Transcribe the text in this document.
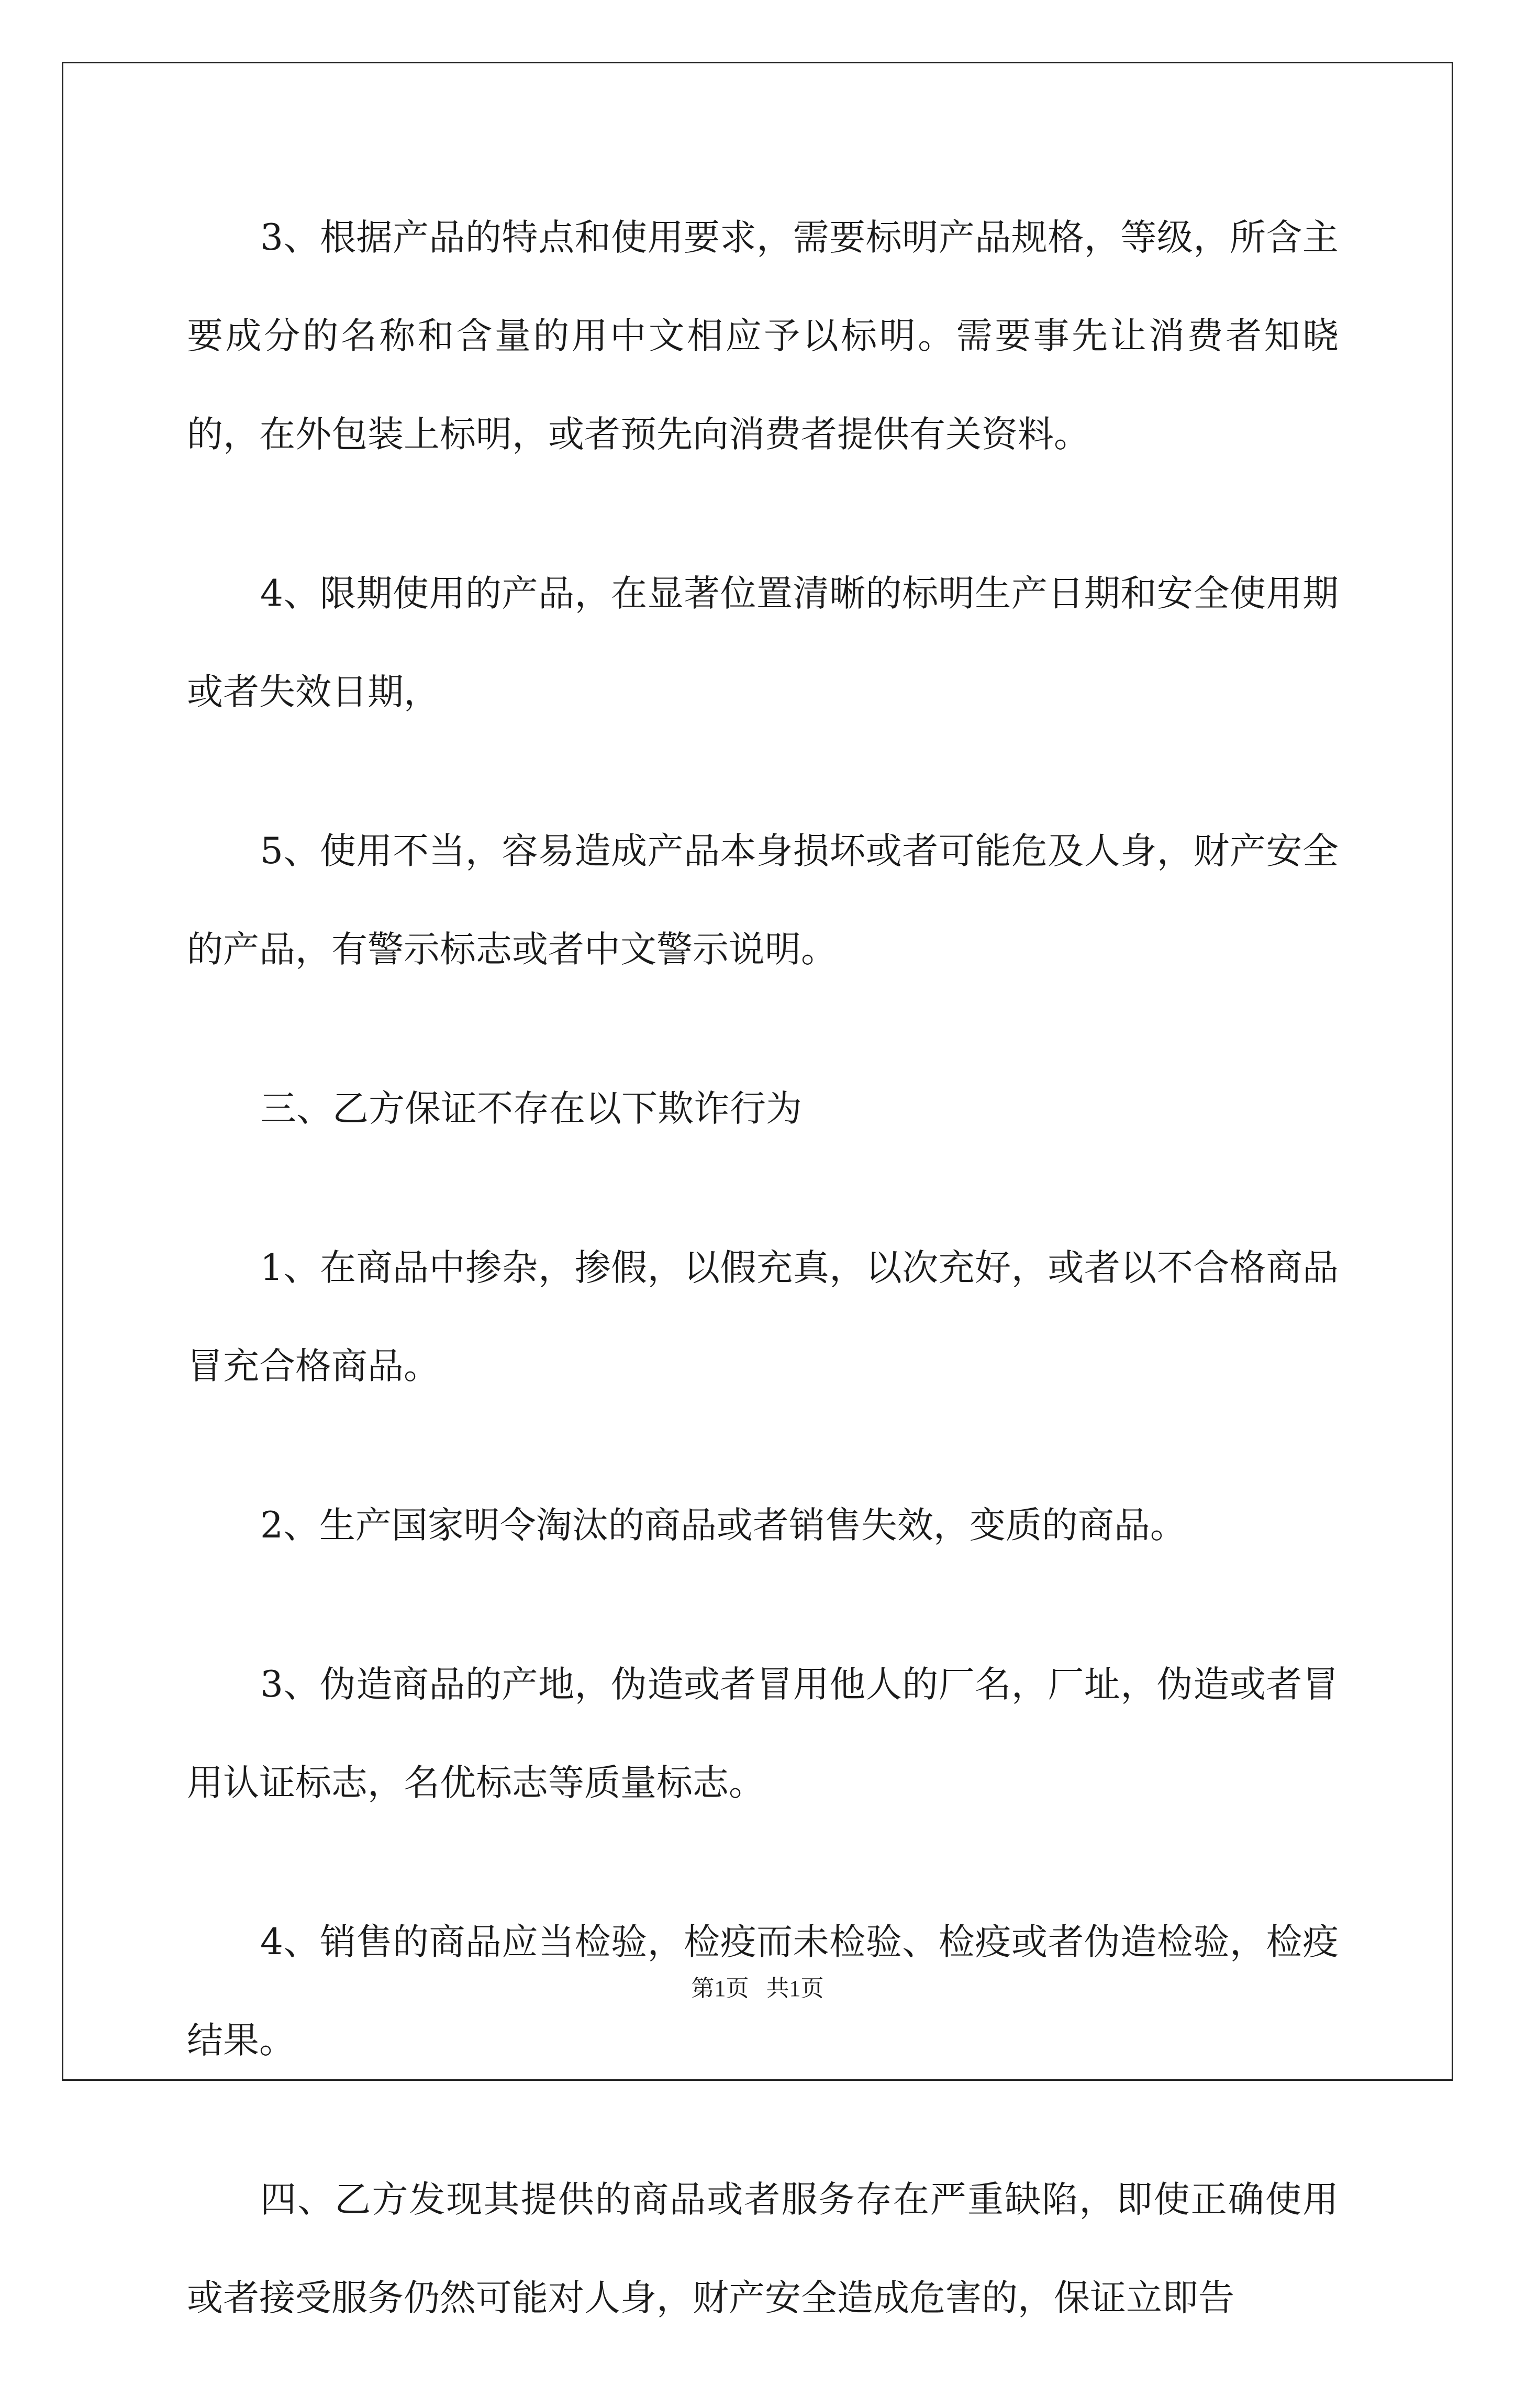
3、根据产品的特点和使用要求，需要标明产品规格，等级，所含主要成分的名称和含量的用中文相应予以标明。需要事先让消费者知晓的，在外包装上标明，或者预先向消费者提供有关资料。

4、限期使用的产品，在显著位置清晰的标明生产日期和安全使用期或者失效日期，

5、使用不当，容易造成产品本身损坏或者可能危及人身，财产安全的产品，有警示标志或者中文警示说明。

三、乙方保证不存在以下欺诈行为

1、在商品中掺杂，掺假，以假充真，以次充好，或者以不合格商品冒充合格商品。

2、生产国家明令淘汰的商品或者销售失效，变质的商品。

3、伪造商品的产地，伪造或者冒用他人的厂名，厂址，伪造或者冒用认证标志，名优标志等质量标志。

4、销售的商品应当检验，检疫而未检验、检疫或者伪造检验，检疫结果。

四、乙方发现其提供的商品或者服务存在严重缺陷，即使正确使用或者接受服务仍然可能对人身，财产安全造成危害的，保证立即告

第1页   共1页
